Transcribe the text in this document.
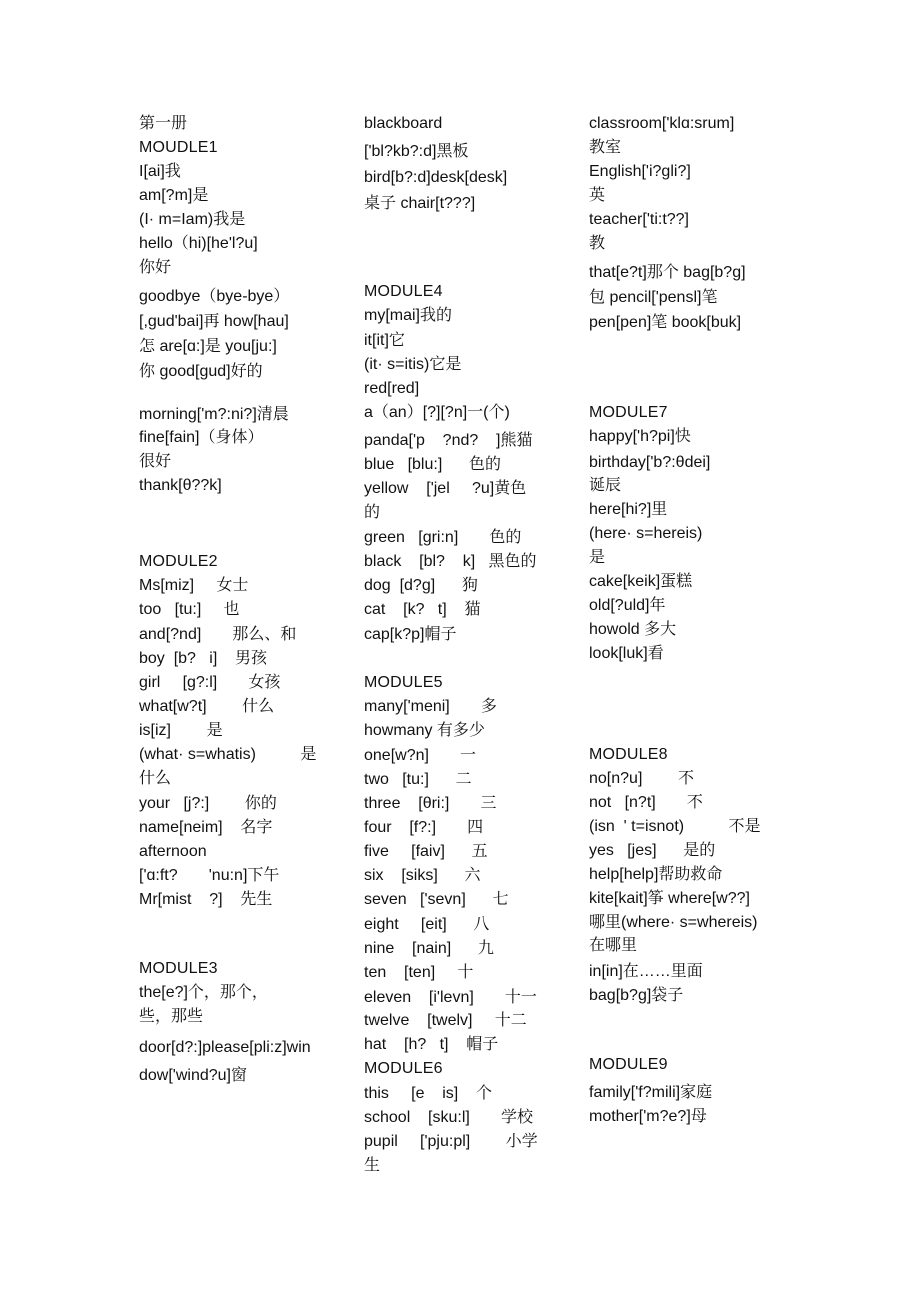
第一册
MOUDLE1
I[ai]我
am[?m]是
(I· m=Iam)我是
hello（hi)[he'l?u]
你好
goodbye（bye-bye）
[,gud'bai]再 how[hau]
怎 are[ɑ:]是 you[ju:]
你 good[gud]好的
morning['m?:ni?]清晨
fine[fain]（身体）
很好
thank[θ??k]
MODULE2
Ms[miz]     女士
too   [tu:]     也
and[?nd]       那么、和
boy  [b?   i]    男孩
girl     [g?:l]       女孩
what[w?t]        什么
is[iz]        是
(what· s=whatis)          是
什么
your   [j?:]        你的
name[neim]    名字
afternoon
['ɑ:ft?       'nu:n]下午
Mr[mist    ?]    先生
MODULE3
the[e?]个，那个，
些，那些
door[d?:]please[pli:z]win
dow['wind?u]窗
blackboard
['bl?kb?:d]黑板
bird[b?:d]desk[desk]
桌子 chair[t???]
MODULE4
my[mai]我的
it[it]它
(it· s=itis)它是
red[red]
a（an）[?][?n]一(个)
panda['p    ?nd?    ]熊猫
blue   [blu:]      色的
yellow    ['jel     ?u]黄色
的
green   [gri:n]       色的
black    [bl?    k]   黑色的
dog  [d?g]      狗
cat    [k?   t]    猫
cap[k?p]帽子
MODULE5
many['meni]       多
howmany 有多少
one[w?n]       一
two   [tu:]      二
three    [θri:]       三
four    [f?:]       四
five     [faiv]      五
six    [siks]      六
seven   ['sevn]      七
eight     [eit]      八
nine    [nain]      九
ten    [ten]     十
eleven    [i'levn]       十一
twelve    [twelv]     十二
hat    [h?   t]    帽子
MODULE6
this     [e    is]    个
school    [sku:l]       学校
pupil     ['pju:pl]        小学
生
classroom['klɑ:srum]
教室
English['i?gli?]
英
teacher['ti:t??]
教
that[e?t]那个 bag[b?g]
包 pencil['pensl]笔
pen[pen]笔 book[buk]
MODULE7
happy['h?pi]快
birthday['b?:θdei]
诞辰
here[hi?]里
(here· s=hereis)
是
cake[keik]蛋糕
old[?uld]年
howold 多大
look[luk]看
MODULE8
no[n?u]        不
not   [n?t]       不
(isn  ' t=isnot)          不是
yes   [jes]      是的
help[help]帮助救命
kite[kait]筝 where[w??]
哪里(where· s=whereis)
在哪里
in[in]在……里面
bag[b?g]袋子
MODULE9
family['f?mili]家庭
mother['m?e?]母
